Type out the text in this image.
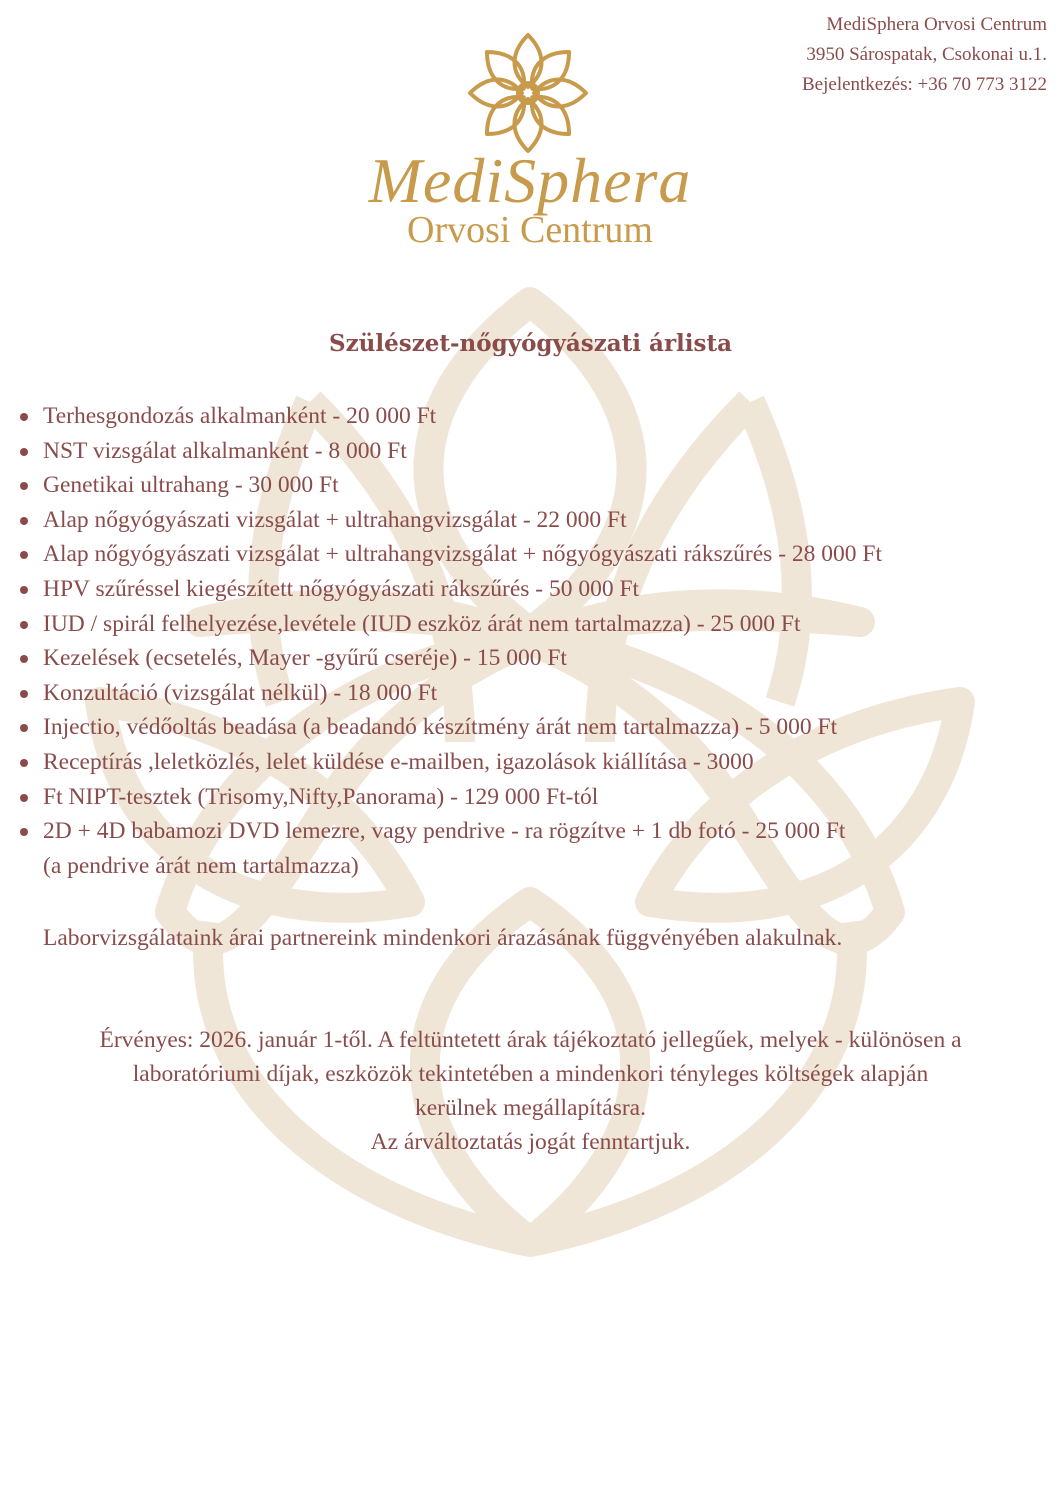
MediSphera Orvosi Centrum
3950 Sárospatak, Csokonai u.1.
Bejelentkezés: +36 70 773 3122
MediSphera
Orvosi Centrum
Szülészet-nőgyógyászati árlista
Terhesgondozás alkalmanként - 20 000 Ft
NST vizsgálat alkalmanként - 8 000 Ft
Genetikai ultrahang - 30 000 Ft
Alap nőgyógyászati vizsgálat + ultrahangvizsgálat - 22 000 Ft
Alap nőgyógyászati vizsgálat + ultrahangvizsgálat + nőgyógyászati rákszűrés - 28 000 Ft
HPV szűréssel kiegészített nőgyógyászati rákszűrés - 50 000 Ft
IUD / spirál felhelyezése,levétele (IUD eszköz árát nem tartalmazza) - 25 000 Ft
Kezelések (ecsetelés, Mayer -gyűrű cseréje) - 15 000 Ft
Konzultáció (vizsgálat nélkül) - 18 000 Ft
Injectio, védőoltás beadása (a beadandó készítmény árát nem tartalmazza) - 5 000 Ft
Receptírás ,leletközlés, lelet küldése e-mailben, igazolások kiállítása - 3000
Ft NIPT-tesztek (Trisomy,Nifty,Panorama) - 129 000 Ft-tól
2D + 4D babamozi DVD lemezre, vagy pendrive - ra rögzítve + 1 db fotó - 25 000 Ft
(a pendrive árát nem tartalmazza)

Laborvizsgálataink árai partnereink mindenkori árazásának függvényében alakulnak.

Érvényes: 2026. január 1-től. A feltüntetett árak tájékoztató jellegűek, melyek - különösen a
laboratóriumi díjak, eszközök tekintetében a mindenkori tényleges költségek alapján
kerülnek megállapításra.
Az árváltoztatás jogát fenntartjuk.
